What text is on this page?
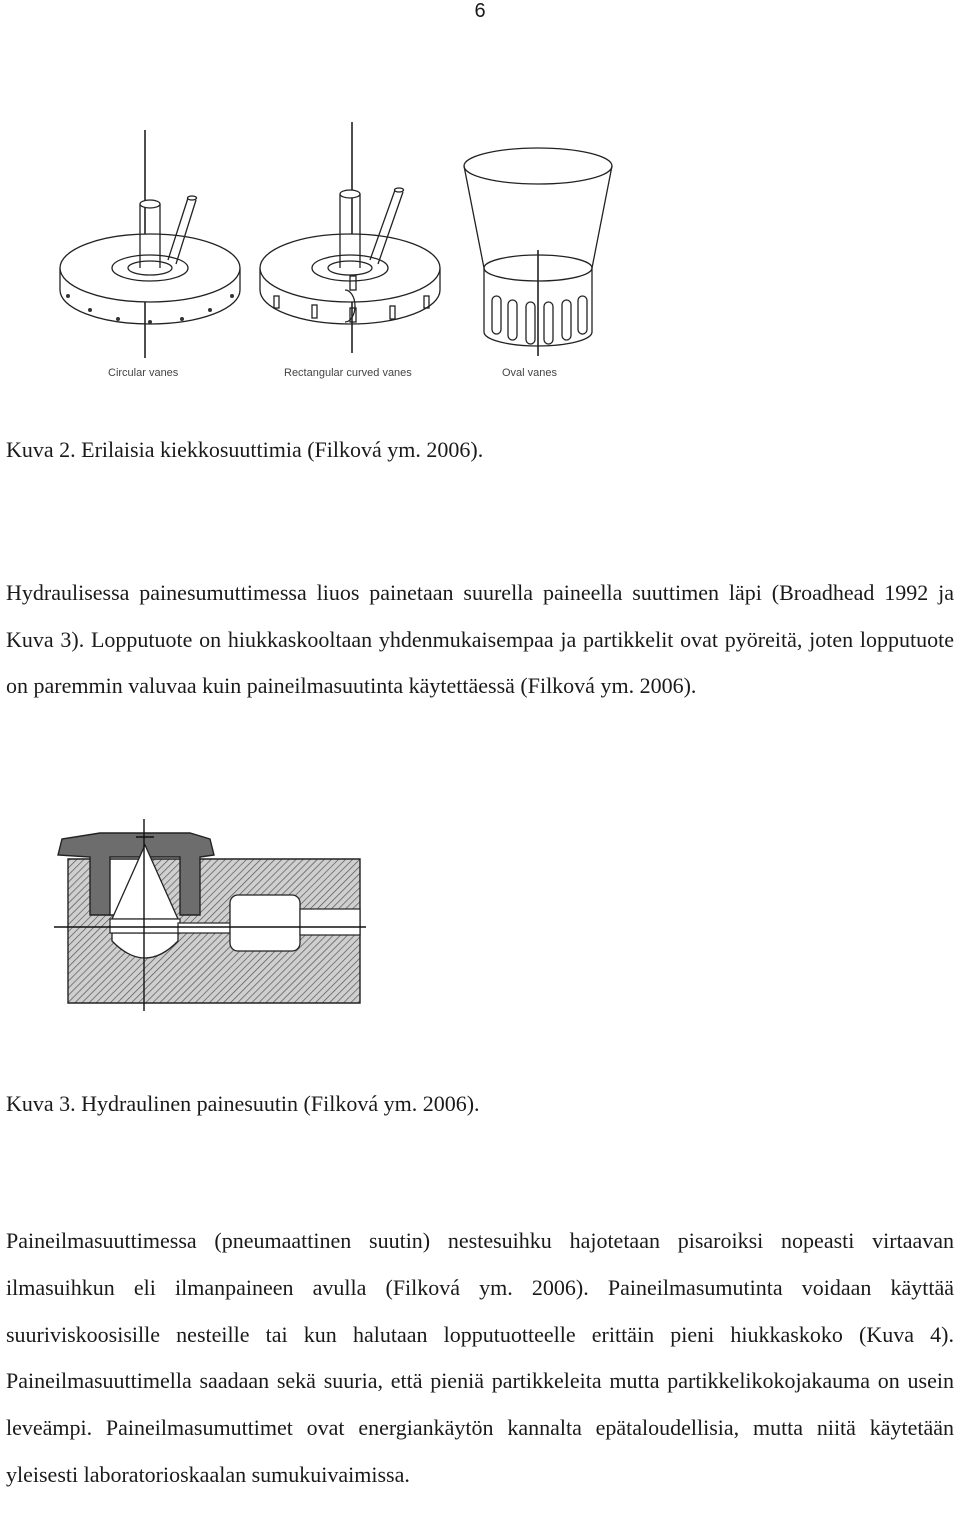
6
Circular vanes	Rectangular curved vanes	Oval vanes
Kuva 2. Erilaisia kiekkosuuttimia (Filková ym. 2006).

Hydraulisessa painesumuttimessa liuos painetaan suurella paineella suuttimen läpi (Broadhead 1992 ja Kuva 3). Lopputuote on hiukkaskooltaan yhdenmukaisempaa ja partikkelit ovat pyöreitä, joten lopputuote on paremmin valuvaa kuin paineilmasuutinta käytettäessä (Filková ym. 2006).

Kuva 3. Hydraulinen painesuutin (Filková ym. 2006).

Paineilmasuuttimessa (pneumaattinen suutin) nestesuihku hajotetaan pisaroiksi nopeasti virtaavan ilmasuihkun eli ilmanpaineen avulla (Filková ym. 2006). Paineilmasumutinta voidaan käyttää suuriviskoosisille nesteille tai kun halutaan lopputuotteelle erittäin pieni hiukkaskoko (Kuva 4). Paineilmasuuttimella saadaan sekä suuria, että pieniä partikkeleita mutta partikkelikokojakauma on usein leveämpi. Paineilmasumuttimet ovat energiankäytön kannalta epätaloudellisia, mutta niitä käytetään yleisesti laboratorioskaalan sumukuivaimissa.
